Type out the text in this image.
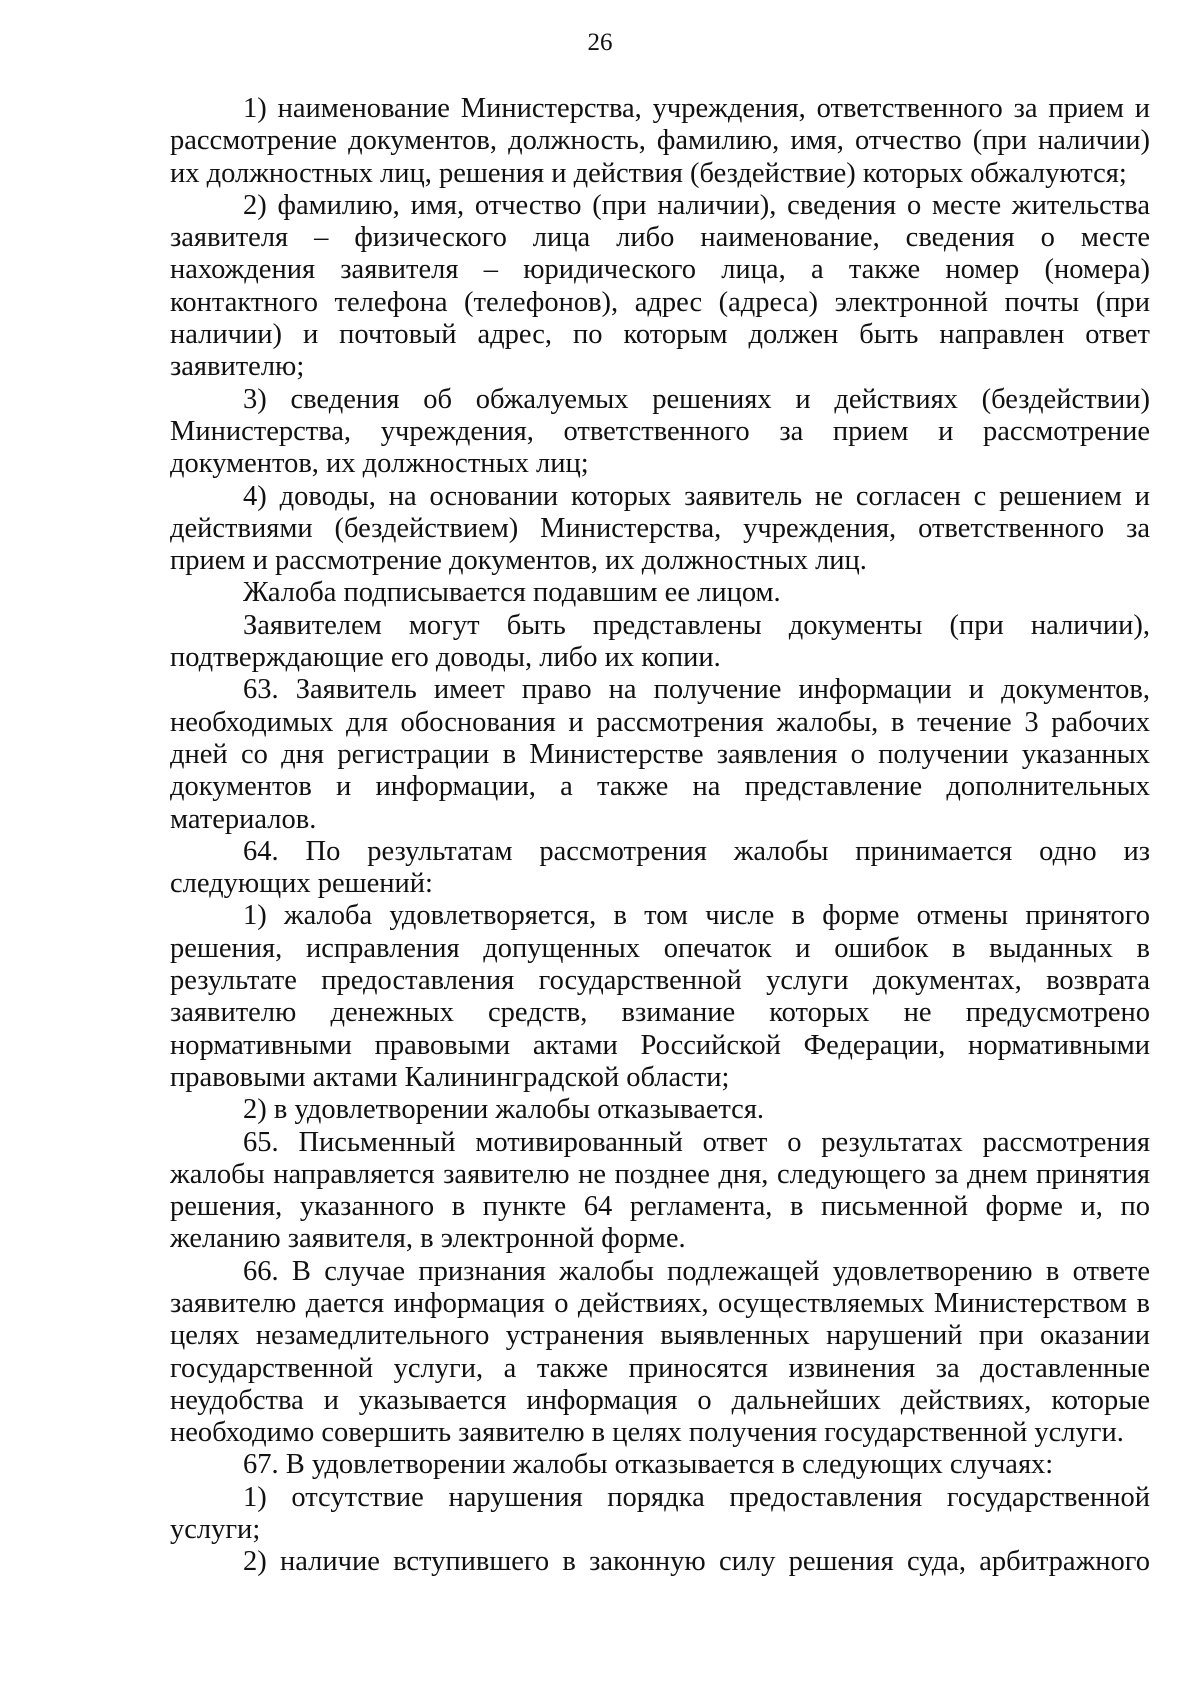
26

1) наименование Министерства, учреждения, ответственного за прием и рассмотрение документов, должность, фамилию, имя, отчество (при наличии) их должностных лиц, решения и действия (бездействие) которых обжалуются;

2) фамилию, имя, отчество (при наличии), сведения о месте жительства заявителя – физического лица либо наименование, сведения о месте нахождения заявителя – юридического лица, а также номер (номера) контактного телефона (телефонов), адрес (адреса) электронной почты (при наличии) и почтовый адрес, по которым должен быть направлен ответ заявителю;

3) сведения об обжалуемых решениях и действиях (бездействии) Министерства, учреждения, ответственного за прием и рассмотрение документов, их должностных лиц;

4) доводы, на основании которых заявитель не согласен с решением и действиями (бездействием) Министерства, учреждения, ответственного за прием и рассмотрение документов, их должностных лиц.

Жалоба подписывается подавшим ее лицом.

Заявителем могут быть представлены документы (при наличии), подтверждающие его доводы, либо их копии.

63. Заявитель имеет право на получение информации и документов, необходимых для обоснования и рассмотрения жалобы, в течение 3 рабочих дней со дня регистрации в Министерстве заявления о получении указанных документов и информации, а также на представление дополнительных материалов.

64. По результатам рассмотрения жалобы принимается одно из следующих решений:

1) жалоба удовлетворяется, в том числе в форме отмены принятого решения, исправления допущенных опечаток и ошибок в выданных в результате предоставления государственной услуги документах, возврата заявителю денежных средств, взимание которых не предусмотрено нормативными правовыми актами Российской Федерации, нормативными правовыми актами Калининградской области;

2) в удовлетворении жалобы отказывается.

65. Письменный мотивированный ответ о результатах рассмотрения жалобы направляется заявителю не позднее дня, следующего за днем принятия решения, указанного в пункте 64 регламента, в письменной форме и, по желанию заявителя, в электронной форме.

66. В случае признания жалобы подлежащей удовлетворению в ответе заявителю дается информация о действиях, осуществляемых Министерством в целях незамедлительного устранения выявленных нарушений при оказании государственной услуги, а также приносятся извинения за доставленные неудобства и указывается информация о дальнейших действиях, которые необходимо совершить заявителю в целях получения государственной услуги.

67. В удовлетворении жалобы отказывается в следующих случаях:

1) отсутствие нарушения порядка предоставления государственной услуги;

2) наличие вступившего в законную силу решения суда, арбитражного
